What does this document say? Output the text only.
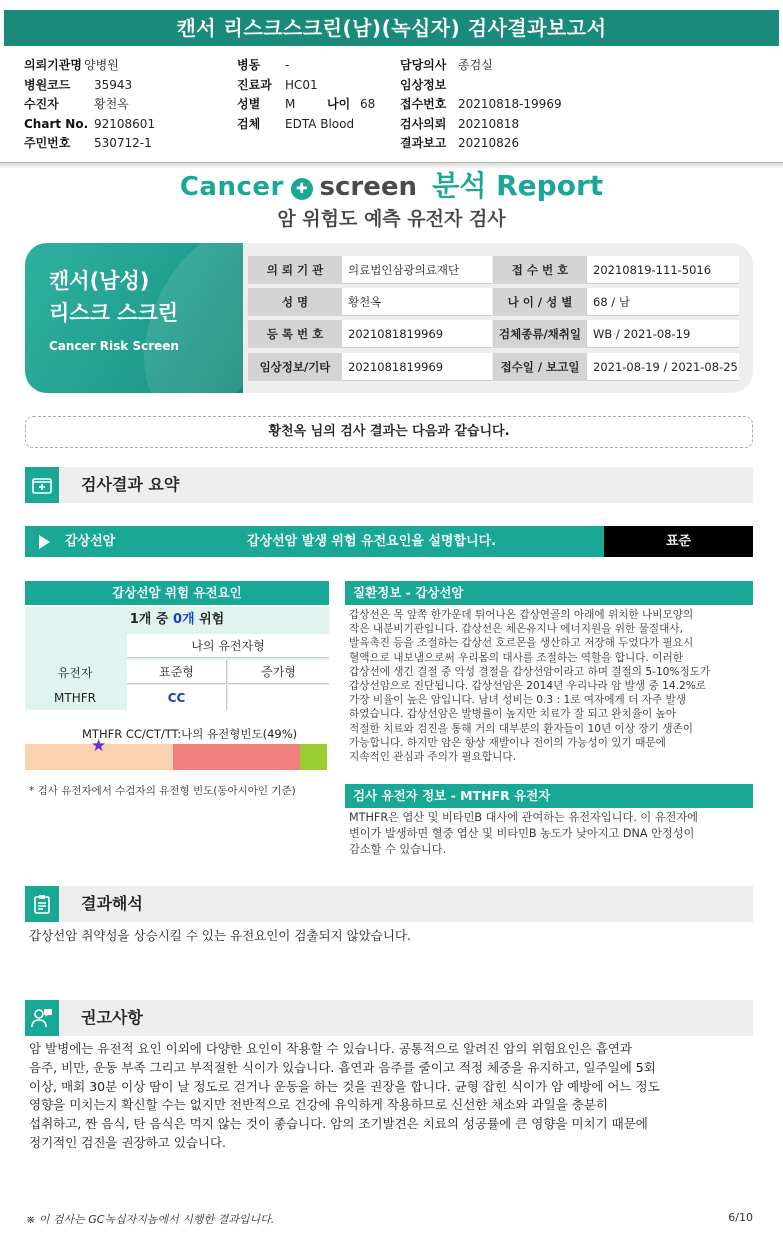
캔서 리스크스크린(남)(녹십자) 검사결과보고서
의뢰기관명 양병원
병원코드	35943
수진자	황천옥
Chart No. 92108601
주민번호	530712-1
병동	-
진료과	HC01
성별	M	나이 68
검체	EDTA Blood
담당의사 종검실
임상정보
접수번호 20210818-19969
검사의뢰 20210818
결과보고 20210826
Cancer ✚ screen 분석 Report
암 위험도 예측 유전자 검사
캔서(남성)
리스크 스크린
Cancer Risk Screen
의 뢰 기 관	의료법인삼광의료재단	접 수 번 호	20210819-111-5016
성 명	황천옥	나 이 / 성 별	68 / 남
등 록 번 호	2021081819969	검체종류/채취일	WB / 2021-08-19
임상정보/기타	2021081819969	접수일 / 보고일	2021-08-19 / 2021-08-25
황천옥 님의 검사 결과는 다음과 같습니다.
검사결과 요약
갑상선암	갑상선암 발생 위험 유전요인을 설명합니다.	표준
갑상선암 위험 유전요인
1개 중 0개 위험
나의 유전자형
유전자	표준형	증가형
MTHFR	CC
MTHFR CC/CT/TT:나의 유전형빈도(49%)
★
* 검사 유전자에서 수검자의 유전형 빈도(동아시아인 기준)
질환정보 - 갑상선암
갑상선은 목 앞쪽 한가운데 튀어나온 갑상연골의 아래에 위치한 나비모양의
작은 내분비기관입니다. 갑상선은 체온유지나 에너지원을 위한 물질대사,
발육촉진 등을 조절하는 갑상선 호르몬을 생산하고 저장해 두었다가 필요시
혈액으로 내보냄으로써 우리몸의 대사를 조절하는 역할을 합니다. 이러한
갑상선에 생긴 결절 중 악성 결절을 갑상선암이라고 하며 결절의 5-10%정도가
갑상선암으로 진단됩니다. 갑상선암은 2014년 우리나라 암 발생 중 14.2%로
가장 비율이 높은 암입니다. 남녀 성비는 0.3 : 1로 여자에게 더 자주 발생
하였습니다. 갑상선암은 발병률이 높지만 치료가 잘 되고 완치율이 높아
적절한 치료와 검진을 통해 거의 대부분의 환자들이 10년 이상 장기 생존이
가능합니다. 하지만 암은 항상 재발이나 전이의 가능성이 있기 때문에
지속적인 관심과 주의가 필요합니다.
검사 유전자 정보 - MTHFR 유전자
MTHFR은 엽산 및 비타민B 대사에 관여하는 유전자입니다. 이 유전자에
변이가 발생하면 혈중 엽산 및 비타민B 농도가 낮아지고 DNA 안정성이
감소할 수 있습니다.
결과해석
갑상선암 취약성을 상승시킬 수 있는 유전요인이 검출되지 않았습니다.
권고사항
암 발병에는 유전적 요인 이외에 다양한 요인이 작용할 수 있습니다. 공통적으로 알려진 암의 위험요인은 흡연과
음주, 비만, 운동 부족 그리고 부적절한 식이가 있습니다. 흡연과 음주를 줄이고 적정 체중을 유지하고, 일주일에 5회
이상, 매회 30분 이상 땀이 날 정도로 걷거나 운동을 하는 것을 권장을 합니다. 균형 잡힌 식이가 암 예방에 어느 정도
영향을 미치는지 확신할 수는 없지만 전반적으로 건강에 유익하게 작용하므로 신선한 채소와 과일을 충분히
섭취하고, 짠 음식, 탄 음식은 먹지 않는 것이 좋습니다. 암의 조기발견은 치료의 성공률에 큰 영향을 미치기 때문에
정기적인 검진을 권장하고 있습니다.
※ 이 검사는 GC녹십자지놈에서 시행한 결과입니다.	6/10
